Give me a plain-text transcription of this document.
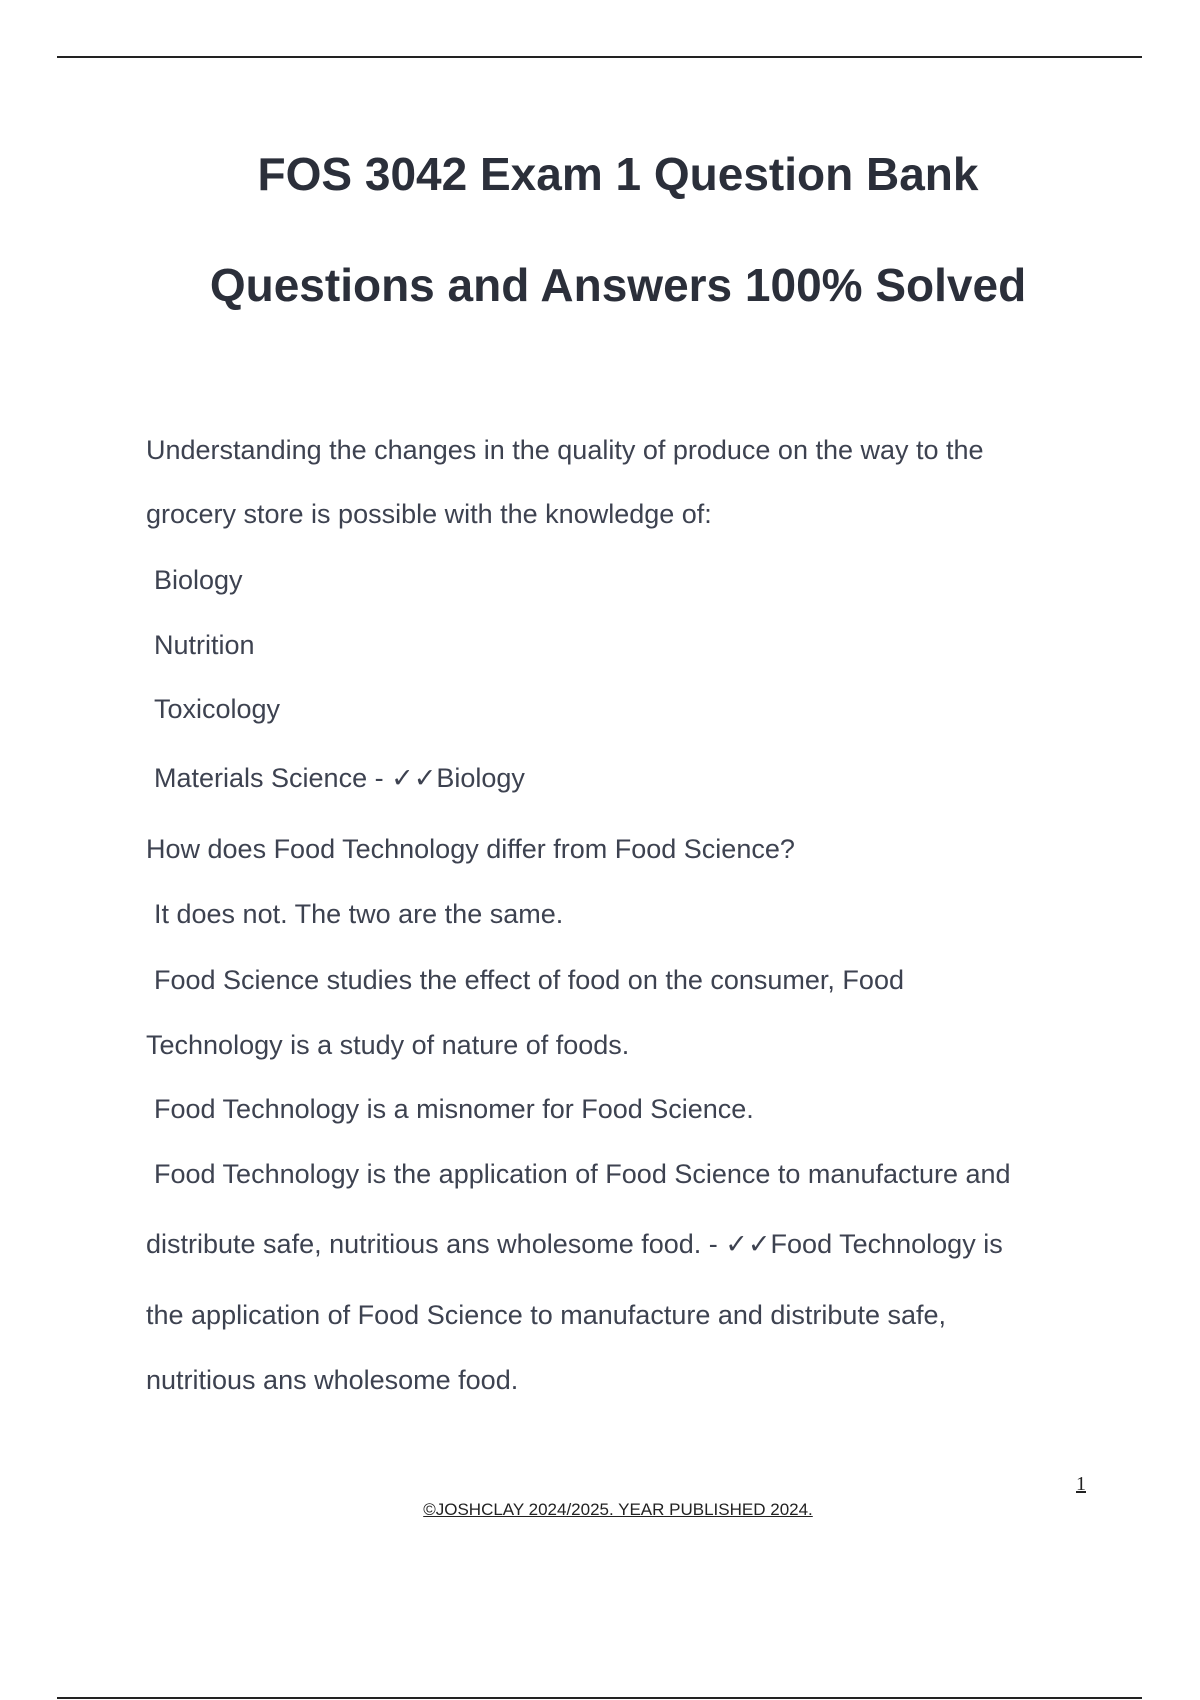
FOS 3042 Exam 1 Question Bank
Questions and Answers 100% Solved
Understanding the changes in the quality of produce on the way to the
grocery store is possible with the knowledge of:
Biology
Nutrition
Toxicology
Materials Science - ✓✓Biology
How does Food Technology differ from Food Science?
It does not. The two are the same.
Food Science studies the effect of food on the consumer, Food
Technology is a study of nature of foods.
Food Technology is a misnomer for Food Science.
Food Technology is the application of Food Science to manufacture and
distribute safe, nutritious ans wholesome food. - ✓✓Food Technology is
the application of Food Science to manufacture and distribute safe,
nutritious ans wholesome food.
1
©JOSHCLAY 2024/2025. YEAR PUBLISHED 2024.
